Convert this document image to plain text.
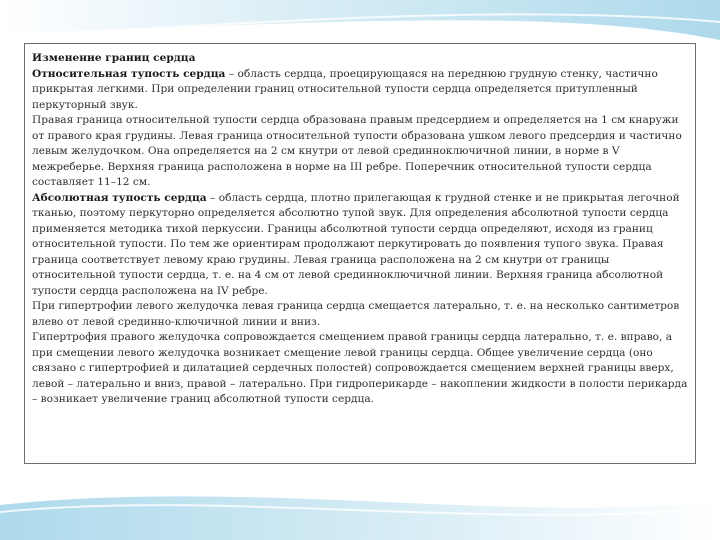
Изменение границ сердца

Относительная тупость сердца – область сердца, проецирующаяся на переднюю грудную стенку, частично прикрытая легкими. При определении границ относительной тупости сердца определяется притупленный перкуторный звук.

Правая граница относительной тупости сердца образована правым предсердием и определяется на 1 см кнаружи от правого края грудины. Левая граница относительной тупости образована ушком левого предсердия и частично левым желудочком. Она определяется на 2 см кнутри от левой срединноключичной линии, в норме в V межреберье. Верхняя граница расположена в норме на III ребре. Поперечник относительной тупости сердца составляет 11–12 см.

Абсолютная тупость сердца – область сердца, плотно прилегающая к грудной стенке и не прикрытая легочной тканью, поэтому перкуторно определяется абсолютно тупой звук. Для определения абсолютной тупости сердца применяется методика тихой перкуссии. Границы абсолютной тупости сердца определяют, исходя из границ относительной тупости. По тем же ориентирам продолжают перкутировать до появления тупого звука. Правая граница соответствует левому краю грудины. Левая граница расположена на 2 см кнутри от границы относительной тупости сердца, т. е. на 4 см от левой срединноключичной линии. Верхняя граница абсолютной тупости сердца расположена на IV ребре.

При гипертрофии левого желудочка левая граница сердца смещается латерально, т. е. на несколько сантиметров влево от левой срединно-ключичной линии и вниз.

Гипертрофия правого желудочка сопровождается смещением правой границы сердца латерально, т. е. вправо, а при смещении левого желудочка возникает смещение левой границы сердца. Общее увеличение сердца (оно связано с гипертрофией и дилатацией сердечных полостей) сопровождается смещением верхней границы вверх, левой – латерально и вниз, правой – латерально. При гидроперикарде – накоплении жидкости в полости перикарда – возникает увеличение границ абсолютной тупости сердца.
